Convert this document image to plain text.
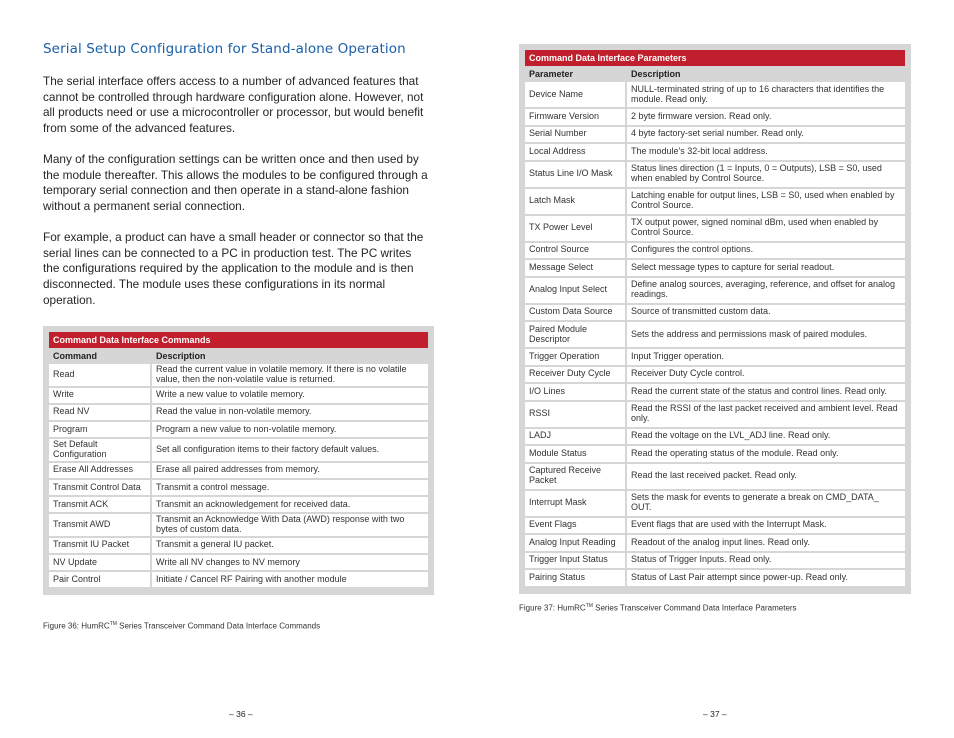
Serial Setup Configuration for Stand-alone Operation

The serial interface offers access to a number of advanced features that cannot be controlled through hardware configuration alone. However, not all products need or use a microcontroller or processor, but would benefit from some of the advanced features.

Many of the configuration settings can be written once and then used by the module thereafter. This allows the modules to be configured through a temporary serial connection and then operate in a stand-alone fashion without a permanent serial connection.

For example, a product can have a small header or connector so that the serial lines can be connected to a PC in production test. The PC writes the configurations required by the application to the module and is then disconnected. The module uses these configurations in its normal operation.

Command Data Interface Commands	
Command	Description
Read	Read the current value in volatile memory. If there is no volatile value, then the non-volatile value is returned.
Write	Write a new value to volatile memory.
Read NV	Read the value in non-volatile memory.
Program	Program a new value to non-volatile memory.
Set Default Configuration	Set all configuration items to their factory default values.
Erase All Addresses	Erase all paired addresses from memory.
Transmit Control Data	Transmit a control message.
Transmit ACK	Transmit an acknowledgement for received data.
Transmit AWD	Transmit an Acknowledge With Data (AWD) response with two bytes of custom data.
Transmit IU Packet	Transmit a general IU packet.
NV Update	Write all NV changes to NV memory
Pair Control	Initiate / Cancel RF Pairing with another module
Figure 36: HumRC™ Series Transceiver Command Data Interface Commands
– 36 –
Command Data Interface Parameters	
Parameter	Description
Device Name	NULL-terminated string of up to 16 characters that identifies the module. Read only.
Firmware Version	2 byte firmware version. Read only.
Serial Number	4 byte factory-set serial number. Read only.
Local Address	The module's 32-bit local address.
Status Line I/O Mask	Status lines direction (1 = Inputs, 0 = Outputs), LSB = S0, used when enabled by Control Source.
Latch Mask	Latching enable for output lines, LSB = S0, used when enabled by Control Source.
TX Power Level	TX output power, signed nominal dBm, used when enabled by Control Source.
Control Source	Configures the control options.
Message Select	Select message types to capture for serial readout.
Analog Input Select	Define analog sources, averaging, reference, and offset for analog readings.
Custom Data Source	Source of transmitted custom data.
Paired Module Descriptor	Sets the address and permissions mask of paired modules.
Trigger Operation	Input Trigger operation.
Receiver Duty Cycle	Receiver Duty Cycle control.
I/O Lines	Read the current state of the status and control lines. Read only.
RSSI	Read the RSSI of the last packet received and ambient level. Read only.
LADJ	Read the voltage on the LVL_ADJ line. Read only.
Module Status	Read the operating status of the module. Read only.
Captured Receive Packet	Read the last received packet. Read only.
Interrupt Mask	Sets the mask for events to generate a break on CMD_DATA_ OUT.
Event Flags	Event flags that are used with the Interrupt Mask.
Analog Input Reading	Readout of the analog input lines. Read only.
Trigger Input Status	Status of Trigger Inputs. Read only.
Pairing Status	Status of Last Pair attempt since power-up. Read only.
Figure 37: HumRC™ Series Transceiver Command Data Interface Parameters
– 37 –
